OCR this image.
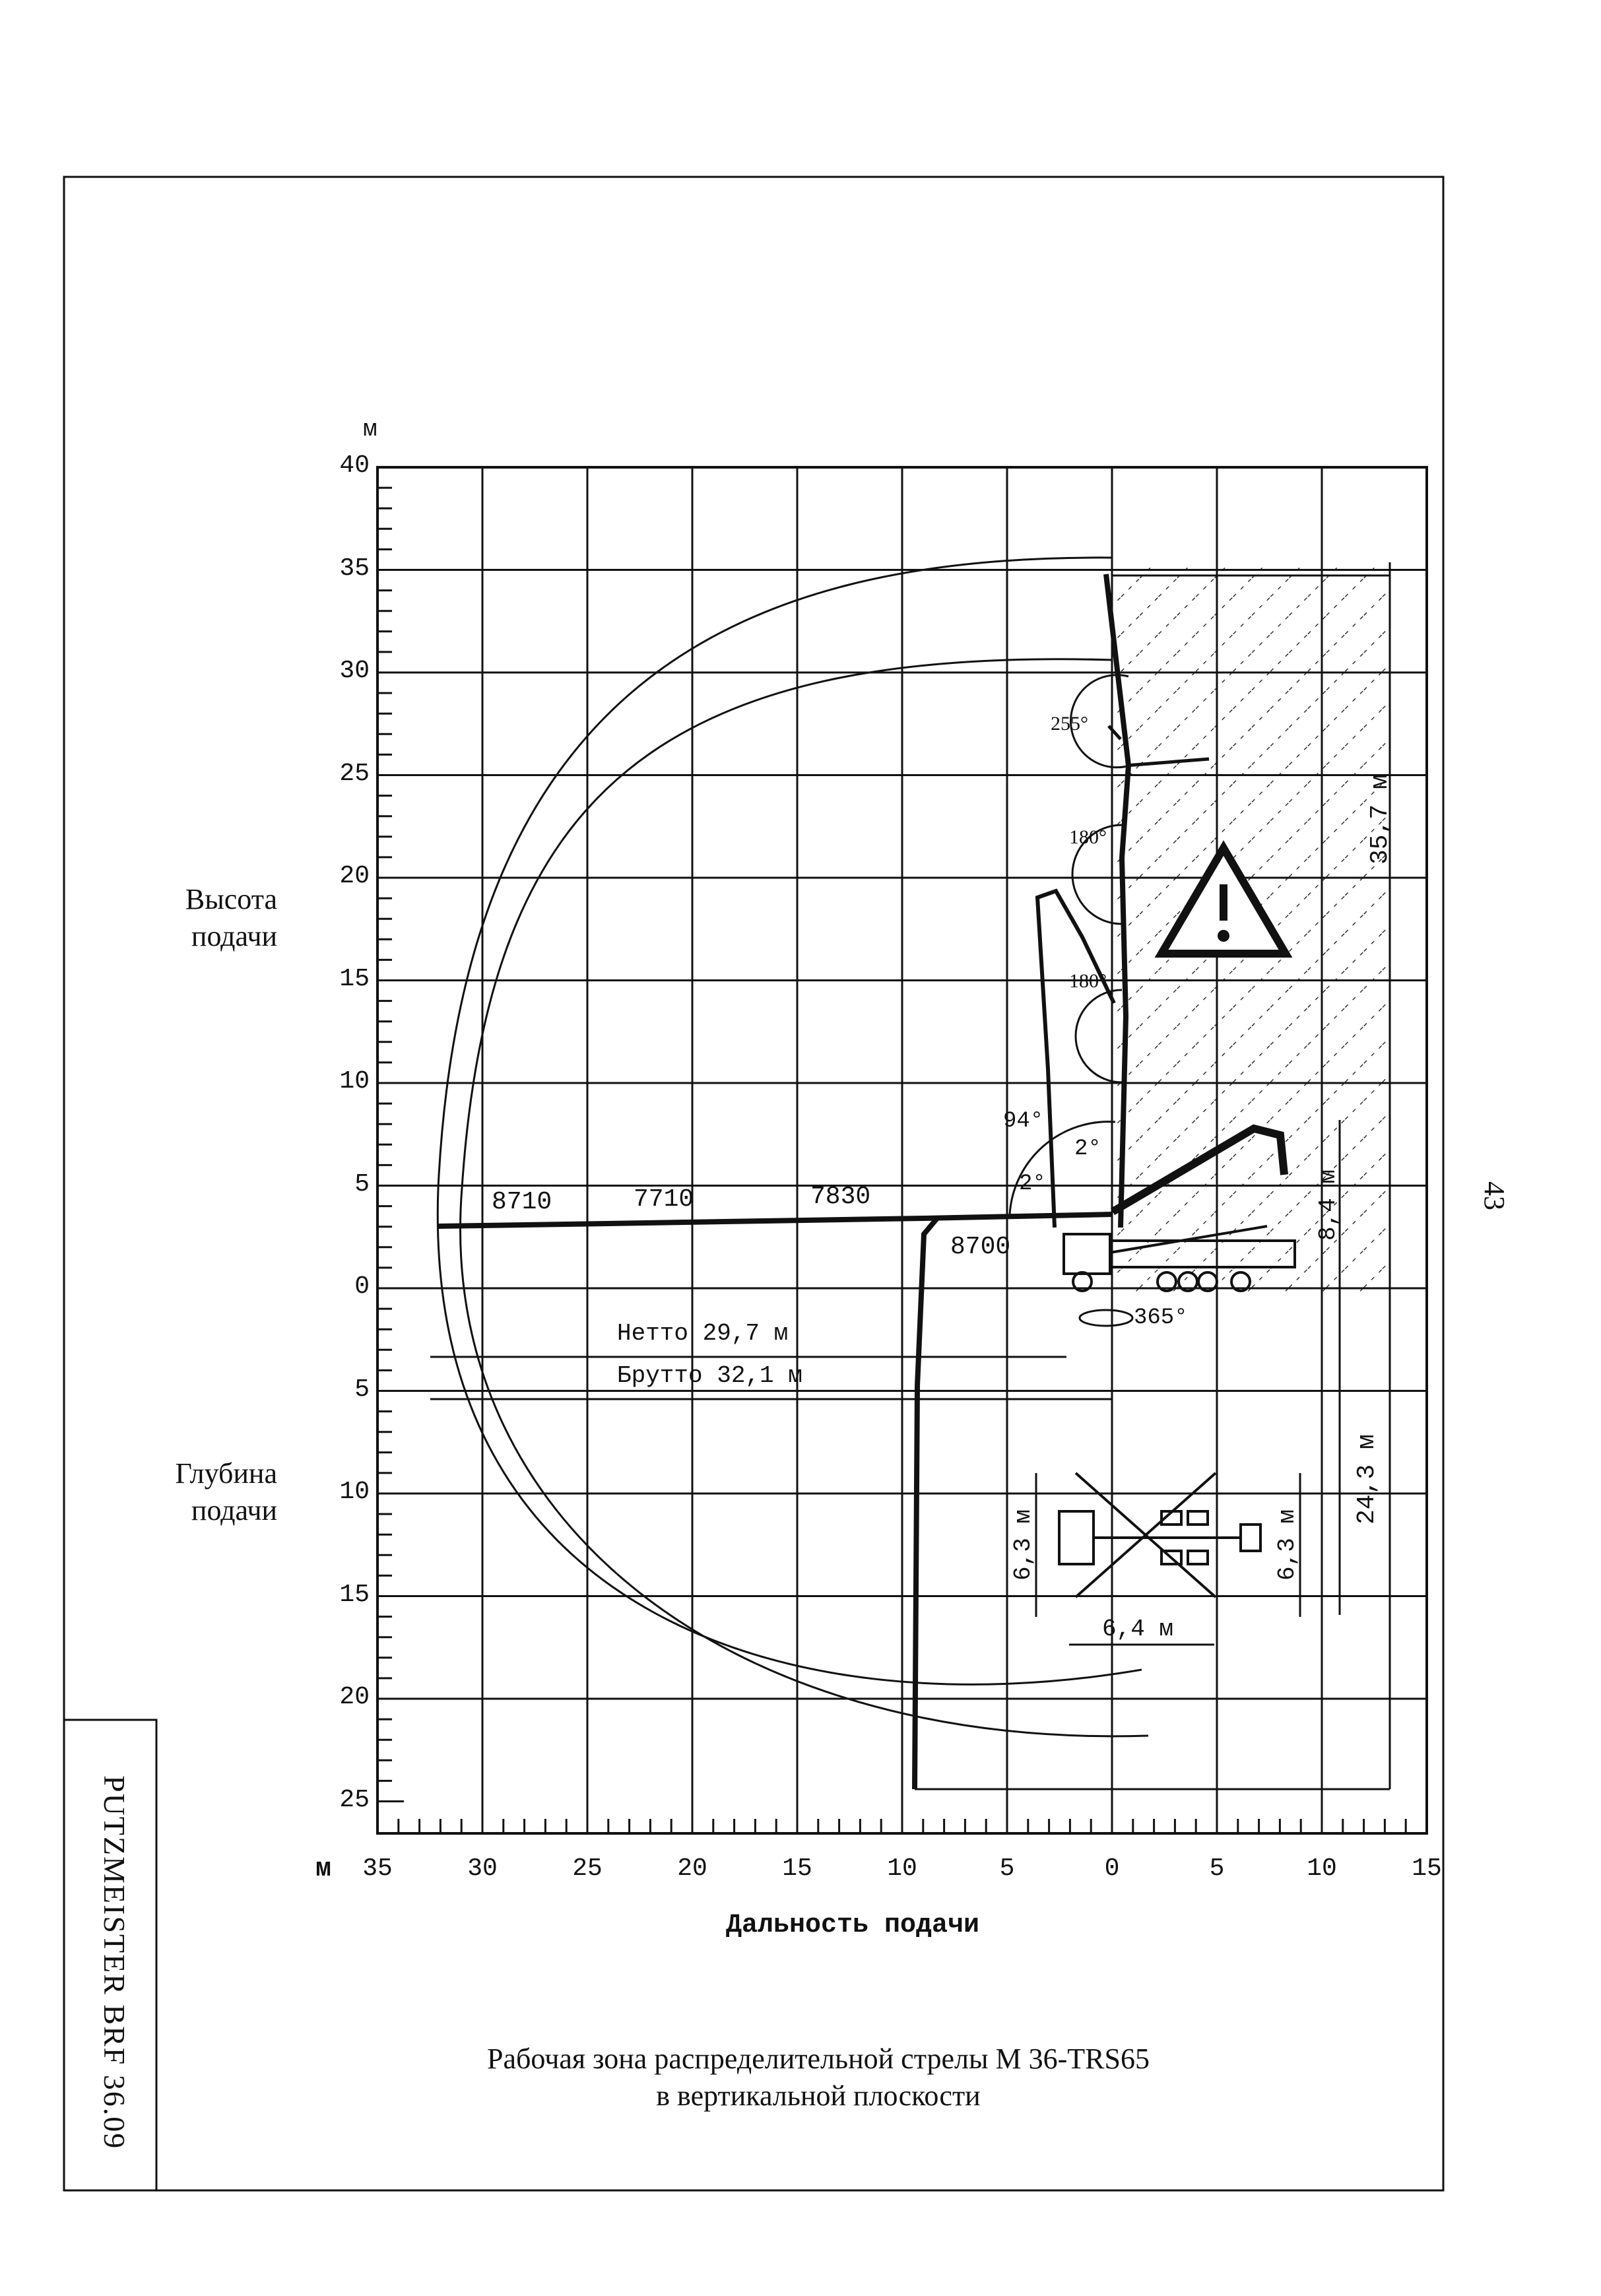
40
35
30
25
20
15
10
5
0
5
10
15
20
25
м
35	30	25	20	15	10	5	0	5	10	15
м
Дальность подачи
Высота
подачи
Глубина
подачи
8710	7710	7830
8700
255°
180°
180°
94°
2°
2°
365°
Нетто 29,7 м
Брутто 32,1 м
35,7 м
8,4 м
24,3 м
6,3 м	6,3 м
6,4 м
Рабочая зона распределительной стрелы М 36-TRS65
в вертикальной плоскости
PUTZMEISTER BRF 36.09
43
